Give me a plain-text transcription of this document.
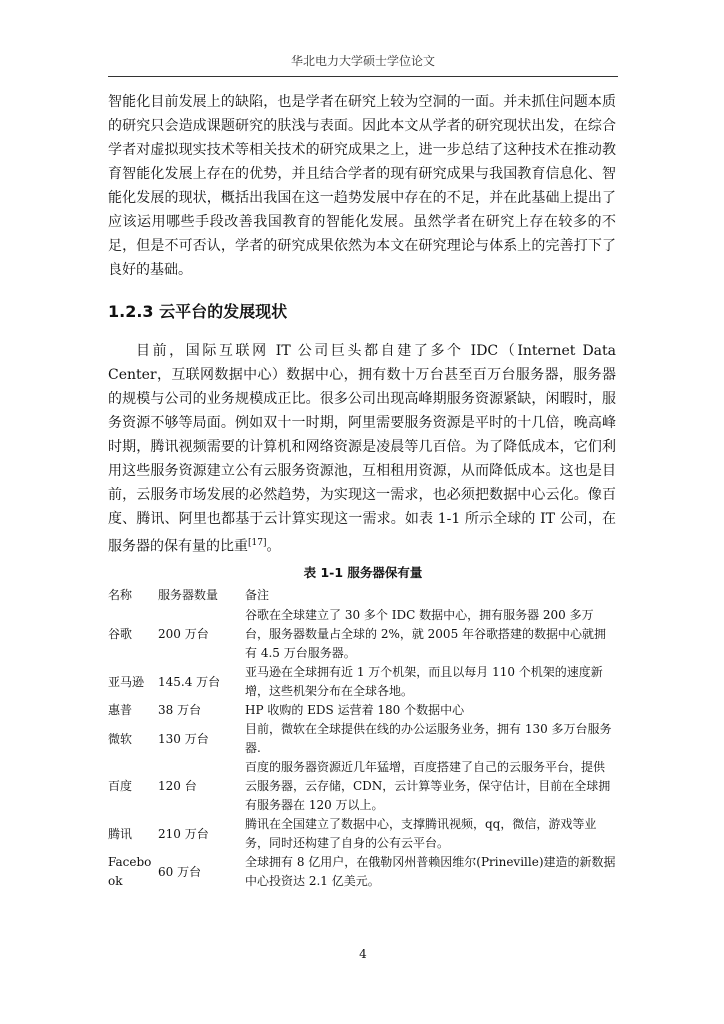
华北电力大学硕士学位论文

智能化目前发展上的缺陷，也是学者在研究上较为空洞的一面。并未抓住问题本质的研究只会造成课题研究的肤浅与表面。因此本文从学者的研究现状出发，在综合学者对虚拟现实技术等相关技术的研究成果之上，进一步总结了这种技术在推动教育智能化发展上存在的优势，并且结合学者的现有研究成果与我国教育信息化、智能化发展的现状，概括出我国在这一趋势发展中存在的不足，并在此基础上提出了应该运用哪些手段改善我国教育的智能化发展。虽然学者在研究上存在较多的不足，但是不可否认，学者的研究成果依然为本文在研究理论与体系上的完善打下了良好的基础。

1.2.3 云平台的发展现状

目前，国际互联网 IT 公司巨头都自建了多个 IDC（Internet Data Center，互联网数据中心）数据中心，拥有数十万台甚至百万台服务器，服务器的规模与公司的业务规模成正比。很多公司出现高峰期服务资源紧缺，闲暇时，服务资源不够等局面。例如双十一时期，阿里需要服务资源是平时的十几倍，晚高峰时期，腾讯视频需要的计算机和网络资源是凌晨等几百倍。为了降低成本，它们利用这些服务资源建立公有云服务资源池，互相租用资源，从而降低成本。这也是目前，云服务市场发展的必然趋势，为实现这一需求，也必须把数据中心云化。像百度、腾讯、阿里也都基于云计算实现这一需求。如表 1-1 所示全球的 IT 公司，在服务器的保有量的比重[17]。

表 1-1 服务器保有量
名称	服务器数量	备注
谷歌	200 万台	谷歌在全球建立了 30 多个 IDC 数据中心，拥有服务器 200 多万台，服务器数量占全球的 2%，就 2005 年谷歌搭建的数据中心就拥有 4.5 万台服务器。
亚马逊	145.4 万台	亚马逊在全球拥有近 1 万个机架，而且以每月 110 个机架的速度新增，这些机架分布在全球各地。
惠普	38 万台	HP 收购的 EDS 运营着 180 个数据中心
微软	130 万台	目前，微软在全球提供在线的办公运服务业务，拥有 130 多万台服务器.
百度	120 台	百度的服务器资源近几年猛增，百度搭建了自己的云服务平台，提供云服务器，云存储，CDN，云计算等业务，保守估计，目前在全球拥有服务器在 120 万以上。
腾讯	210 万台	腾讯在全国建立了数据中心，支撑腾讯视频，qq，微信，游戏等业务，同时还构建了自身的公有云平台。
Facebook	60 万台	全球拥有 8 亿用户，在俄勒冈州普赖因维尔(Prineville)建造的新数据中心投资达 2.1 亿美元。
4
